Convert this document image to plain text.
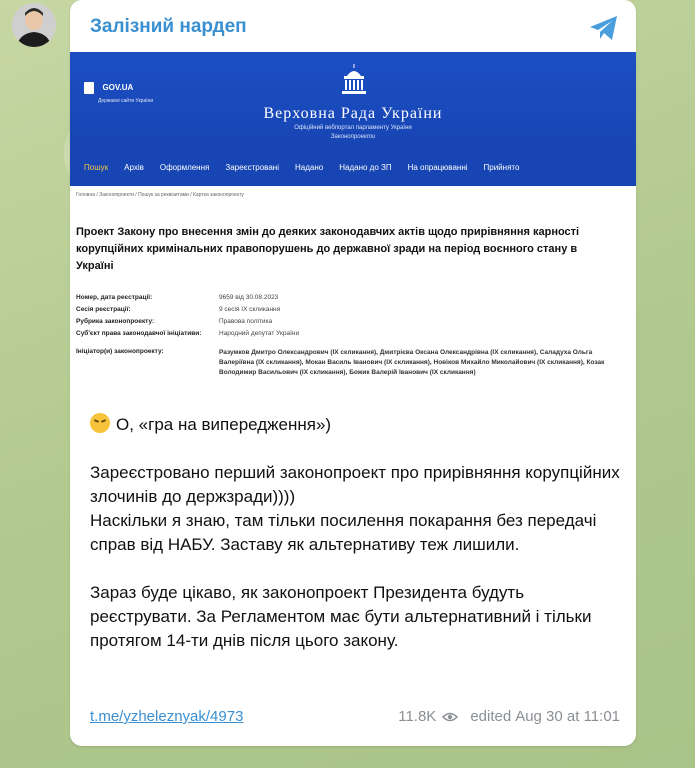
Залізний нардеп
GOV.UA
Державні сайти України
Верховна Рада України
Офіційний вебпортал парламенту України
Законопроекти
Пошук Архів Оформлення Зареєстровані Надано Надано до ЗП На опрацюванні Прийнято
Головна / Законопроекти / Пошук за реквізитами / Картка законопроекту
Проект Закону про внесення змін до деяких законодавчих актів щодо прирівняння карності корупційних кримінальних правопорушень до державної зради на період воєнного стану в Україні
Номер, дата реєстрації:	9659 від 30.08.2023
Сесія реєстрації:	9 сесія IX скликання
Рубрика законопроекту:	Правова політика
Суб'єкт права законодавчої ініціативи:	Народний депутат України
Ініціатор(и) законопроекту:	Разумков Дмитро Олександрович (IX скликання), Дмитрієва Оксана Олександрівна (IX скликання), Саладуха Ольга Валеріївна (IX скликання), Мокан Василь Іванович (IX скликання), Новіков Михайло Миколайович (IX скликання), Козак Володимир Васильович (IX скликання), Божик Валерій Іванович (IX скликання)

О, «гра на випередження»)

Зареєстровано перший законопроект про прирівняння корупційних злочинів до держзради))))
Наскільки я знаю, там тільки посилення покарання без передачі справ від НАБУ. Заставу як альтернативу теж лишили.

Зараз буде цікаво, як законопроект Президента будуть реєструвати. За Регламентом має бути альтернативний і тільки протягом 14-ти днів після цього закону.

t.me/yzheleznyak/4973	11.8K edited Aug 30 at 11:01
